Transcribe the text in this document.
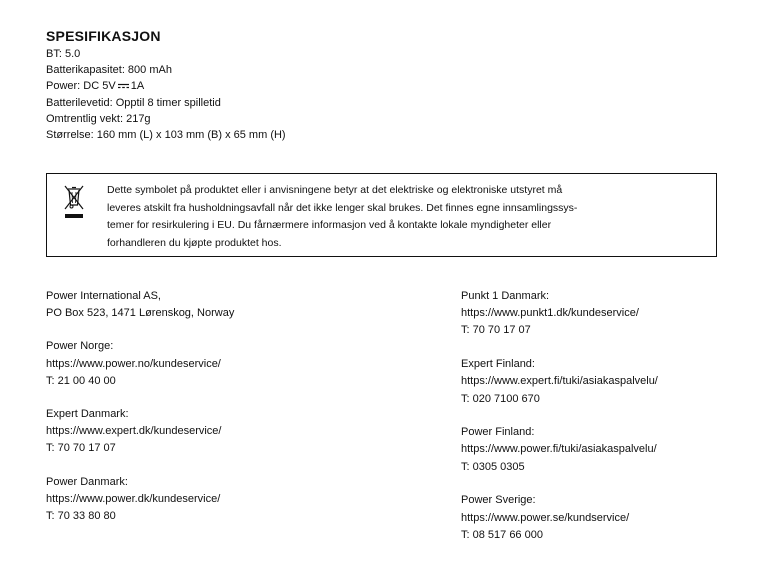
SPESIFIKASJON
BT: 5.0
Batterikapasitet: 800 mAh
Power: DC 5V 1A
Batterilevetid: Opptil 8 timer spilletid
Omtrentlig vekt: 217g
Størrelse: 160 mm (L) x 103 mm (B) x 65 mm (H)
Dette symbolet på produktet eller i anvisningene betyr at det elektriske og elektroniske utstyret må
leveres atskilt fra husholdningsavfall når det ikke lenger skal brukes. Det finnes egne innsamlingssys-
temer for resirkulering i EU. Du fårnærmere informasjon ved å kontakte lokale myndigheter eller
forhandleren du kjøpte produktet hos.
Power International AS,
PO Box 523, 1471 Lørenskog, Norway
Power Norge:
https://www.power.no/kundeservice/
T: 21 00 40 00
Expert Danmark:
https://www.expert.dk/kundeservice/
T: 70 70 17 07
Power Danmark:
https://www.power.dk/kundeservice/
T: 70 33 80 80
Punkt 1 Danmark:
https://www.punkt1.dk/kundeservice/
T: 70 70 17 07
Expert Finland:
https://www.expert.fi/tuki/asiakaspalvelu/
T: 020 7100 670
Power Finland:
https://www.power.fi/tuki/asiakaspalvelu/
T: 0305 0305
Power Sverige:
https://www.power.se/kundservice/
T: 08 517 66 000
